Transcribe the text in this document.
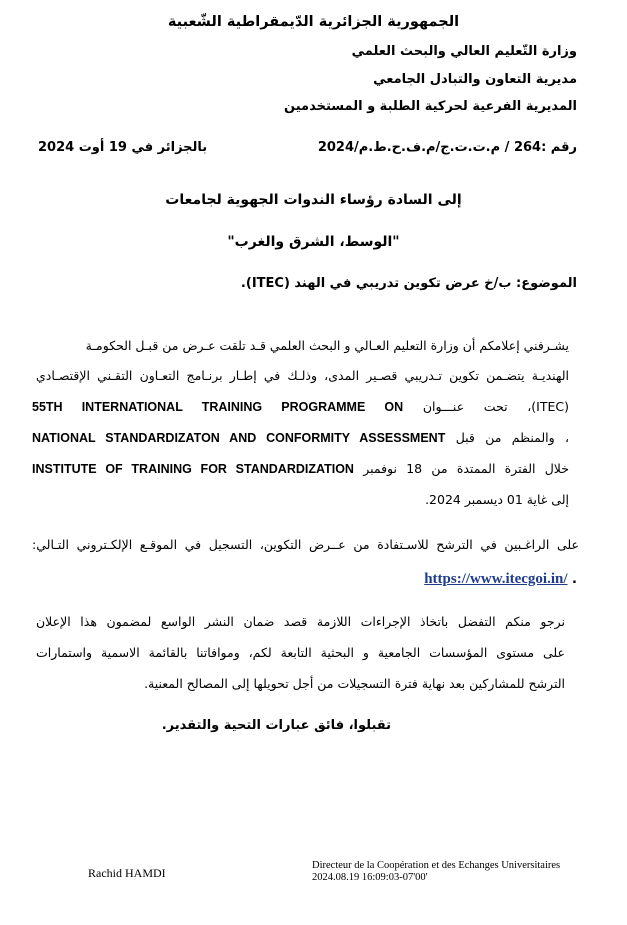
الجمهورية الجزائرية الدّيمقراطية الشّعبية
وزارة التّعليم العالي والبحث العلمي
مديرية التعاون والتبادل الجامعي
المديرية الفرعية لحركية الطلبة و المستخدمين
رقم :264 / م.ت.ت.ج/م.ف.ح.ط.م/2024
بالجزائر في 19 أوت 2024
إلى السادة رؤساء الندوات الجهوية لجامعات
"الوسط، الشرق والغرب"
الموضوع: ب/خ عرض تكوين تدريبي في الهند (ITEC).
يشـرفني إعلامكم أن وزارة التعليم العـالي و البحث العلمي قـد تلقت عـرض من قبـل الحكومـة
الهنديـة يتضـمن تكوين تـدريبي قصـير المدى، وذلـك في إطـار برنـامج التعـاون التقـني الإقتصـادي
(ITEC)، تحت عنـــوان 55TH INTERNATIONAL TRAINING PROGRAMME ON
، والمنظم من قبل NATIONAL STANDARDIZATON AND CONFORMITY ASSESSMENT
خلال الفترة الممتدة من 18 نوفمبر INSTITUTE OF TRAINING FOR STANDARDIZATION
إلى غاية 01 ديسمبر 2024.
على الراغـبين في الترشح للاسـتفادة من عــرض التكوين، التسجيل في الموقـع الإلكـتروني التـالي:
https://www.itecgoi.in/ .
نرجو منكم التفضل باتخاذ الإجراءات اللازمة قصد ضمان النشر الواسع لمضمون هذا الإعلان
على مستوى المؤسسات الجامعية و البحثية التابعة لكم، وموافاتنا بالقائمة الاسمية واستمارات
الترشح للمشاركين بعد نهاية فترة التسجيلات من أجل تحويلها إلى المصالح المعنية.
تقبلوا، فائق عبارات التحية والتقدير.
Rachid HAMDI
Directeur de la Coopération et des Echanges Universitaires
2024.08.19 16:09:03-07'00'
